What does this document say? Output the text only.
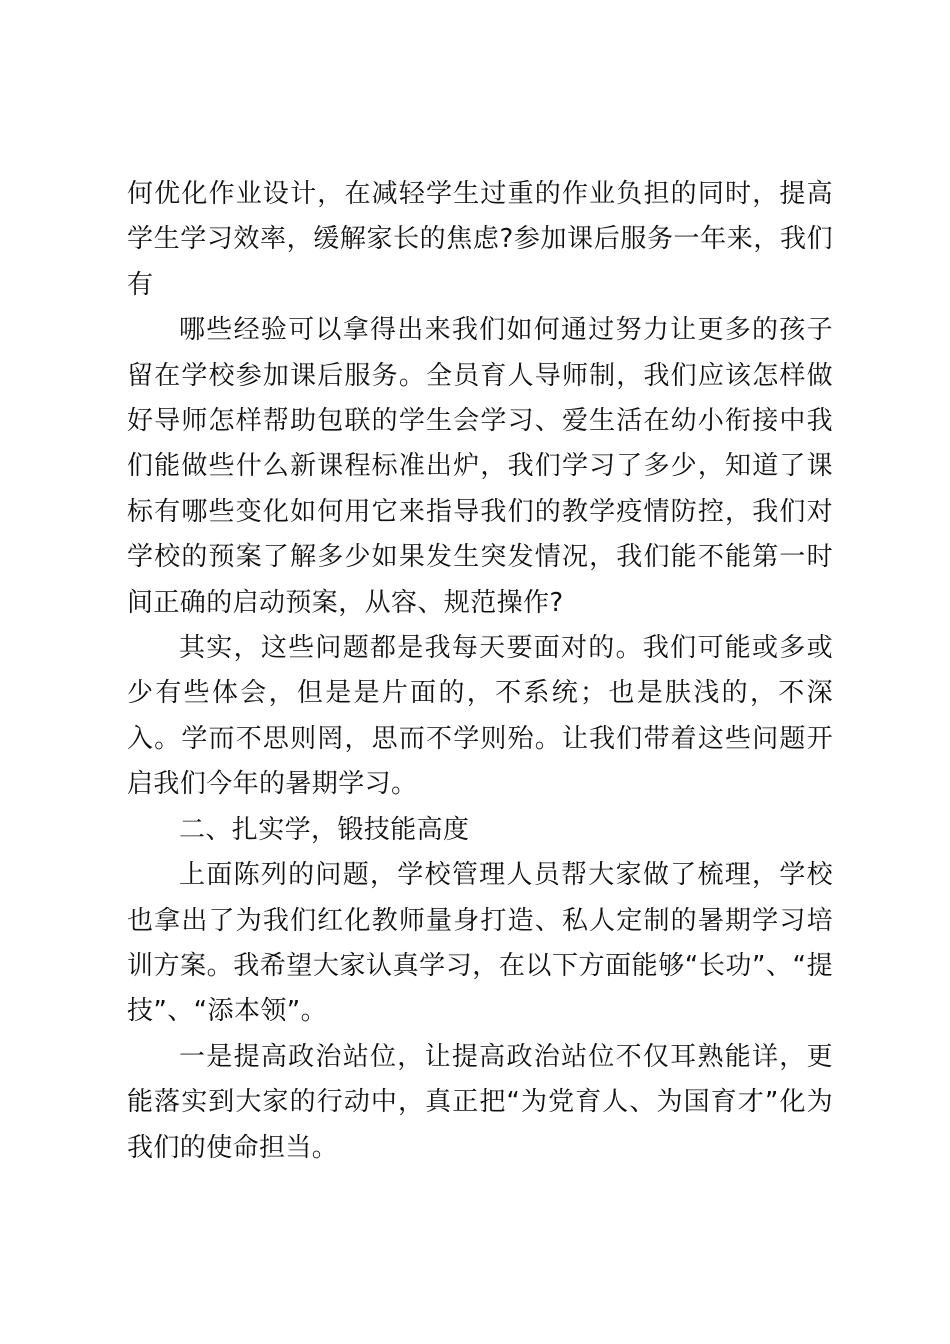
何优化作业设计，在减轻学生过重的作业负担的同时，提高学生学习效率，缓解家长的焦虑?参加课后服务一年来，我们有

哪些经验可以拿得出来我们如何通过努力让更多的孩子留在学校参加课后服务。全员育人导师制，我们应该怎样做好导师怎样帮助包联的学生会学习、爱生活在幼小衔接中我们能做些什么新课程标准出炉，我们学习了多少，知道了课标有哪些变化如何用它来指导我们的教学疫情防控，我们对学校的预案了解多少如果发生突发情况，我们能不能第一时间正确的启动预案，从容、规范操作?

其实，这些问题都是我每天要面对的。我们可能或多或少有些体会，但是是片面的，不系统；也是肤浅的，不深入。学而不思则罔，思而不学则殆。让我们带着这些问题开启我们今年的暑期学习。

二、扎实学，锻技能高度

上面陈列的问题，学校管理人员帮大家做了梳理，学校也拿出了为我们红化教师量身打造、私人定制的暑期学习培训方案。我希望大家认真学习，在以下方面能够“长功”、“提技”、“添本领”。

一是提高政治站位，让提高政治站位不仅耳熟能详，更能落实到大家的行动中，真正把“为党育人、为国育才”化为我们的使命担当。
